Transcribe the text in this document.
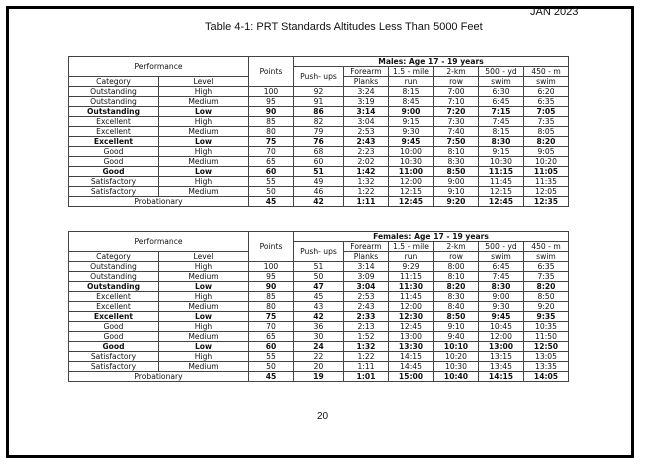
JAN 2023
Table 4-1: PRT Standards Altitudes Less Than 5000 Feet
Performance		Points	Males: Age 17 - 19 years					
			Push- ups	Forearm	1.5 - mile	2-km	500 - yd	450 - m
Category	Level			Planks	run	row	swim	swim
Outstanding	High	100	92	3:24	8:15	7:00	6:30	6:20
Outstanding	Medium	95	91	3:19	8:45	7:10	6:45	6:35
Outstanding	Low	90	86	3:14	9:00	7:20	7:15	7:05
Excellent	High	85	82	3:04	9:15	7:30	7:45	7:35
Excellent	Medium	80	79	2:53	9:30	7:40	8:15	8:05
Excellent	Low	75	76	2:43	9:45	7:50	8:30	8:20
Good	High	70	68	2:23	10:00	8:10	9:15	9:05
Good	Medium	65	60	2:02	10:30	8:30	10:30	10:20
Good	Low	60	51	1:42	11:00	8:50	11:15	11:05
Satisfactory	High	55	49	1:32	12:00	9:00	11:45	11:35
Satisfactory	Medium	50	46	1:22	12:15	9:10	12:15	12:05
Probationary		45	42	1:11	12:45	9:20	12:45	12:35
Performance		Points	Females: Age 17 - 19 years					
			Push- ups	Forearm	1.5 - mile	2-km	500 - yd	450 - m
Category	Level			Planks	run	row	swim	swim
Outstanding	High	100	51	3:14	9:29	8:00	6:45	6:35
Outstanding	Medium	95	50	3:09	11:15	8:10	7:45	7:35
Outstanding	Low	90	47	3:04	11:30	8:20	8:30	8:20
Excellent	High	85	45	2:53	11:45	8:30	9:00	8:50
Excellent	Medium	80	43	2:43	12:00	8:40	9:30	9:20
Excellent	Low	75	42	2:33	12:30	8:50	9:45	9:35
Good	High	70	36	2:13	12:45	9:10	10:45	10:35
Good	Medium	65	30	1:52	13:00	9:40	12:00	11:50
Good	Low	60	24	1:32	13:30	10:10	13:00	12:50
Satisfactory	High	55	22	1:22	14:15	10:20	13:15	13:05
Satisfactory	Medium	50	20	1:11	14:45	10:30	13:45	13:35
Probationary		45	19	1:01	15:00	10:40	14:15	14:05
20
